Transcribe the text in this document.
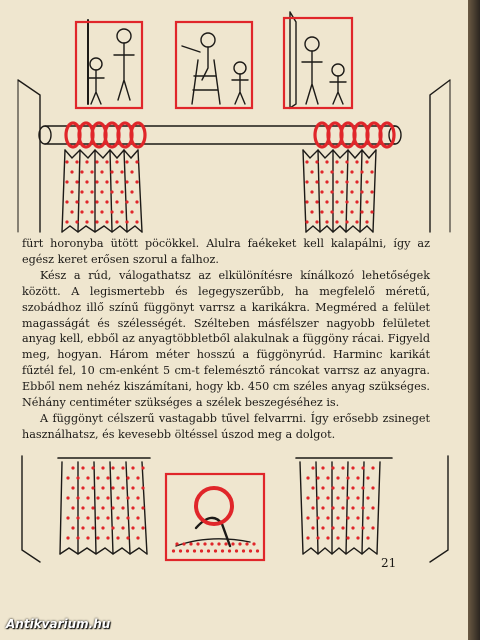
fürt horonyba ütött pöcökkel. Alulra faékeket kell kalapálni, így az egész keret erősen szorul a falhoz.

Kész a rúd, válogathatsz az elkülönítésre kínálkozó lehetőségek között. A legismertebb és legegyszerűbb, ha megfelelő méretű, szobádhoz illő színű függönyt varrsz a karikákra. Megméred a felület magasságát és szélességét. Szélteben másfélszer nagyobb felületet anyag kell, ebből az anyagtöbbletből alakulnak a függöny rácai. Figyeld meg, hogyan. Három méter hosszú a függönyrúd. Harminc karikát fűztél fel, 10 cm-enként 5 cm-t felemésztő ráncokat varrsz az anyagra. Ebből nem nehéz kiszámítani, hogy kb. 450 cm széles anyag szükséges. Néhány centiméter szükséges a szélek beszegéséhez is.

A függönyt célszerű vastagabb tűvel felvarrni. Így erősebb zsineget használhatsz, és kevesebb öltéssel úszod meg a dolgot.

21
Antikvarium.hu
